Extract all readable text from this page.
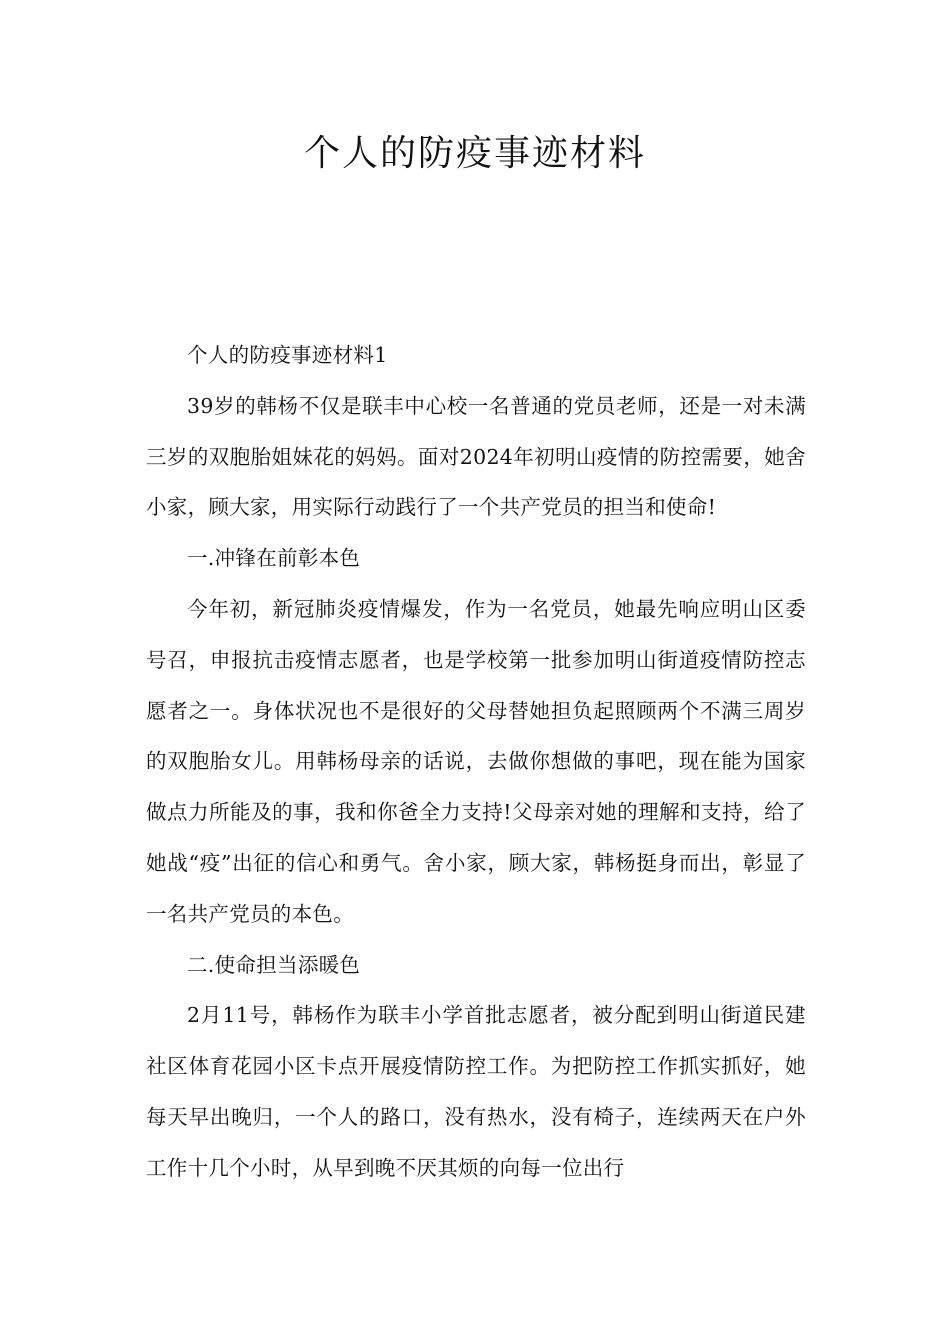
个人的防疫事迹材料

个人的防疫事迹材料1

39岁的韩杨不仅是联丰中心校一名普通的党员老师，还是一对未满三岁的双胞胎姐妹花的妈妈。面对2024年初明山疫情的防控需要，她舍小家，顾大家，用实际行动践行了一个共产党员的担当和使命!

一.冲锋在前彰本色

今年初，新冠肺炎疫情爆发，作为一名党员，她最先响应明山区委号召，申报抗击疫情志愿者，也是学校第一批参加明山街道疫情防控志愿者之一。身体状况也不是很好的父母替她担负起照顾两个不满三周岁的双胞胎女儿。用韩杨母亲的话说，去做你想做的事吧，现在能为国家做点力所能及的事，我和你爸全力支持!父母亲对她的理解和支持，给了她战“疫”出征的信心和勇气。舍小家，顾大家，韩杨挺身而出，彰显了一名共产党员的本色。

二.使命担当添暖色

2月11号，韩杨作为联丰小学首批志愿者，被分配到明山街道民建社区体育花园小区卡点开展疫情防控工作。为把防控工作抓实抓好，她每天早出晚归，一个人的路口，没有热水，没有椅子，连续两天在户外工作十几个小时，从早到晚不厌其烦的向每一位出行
